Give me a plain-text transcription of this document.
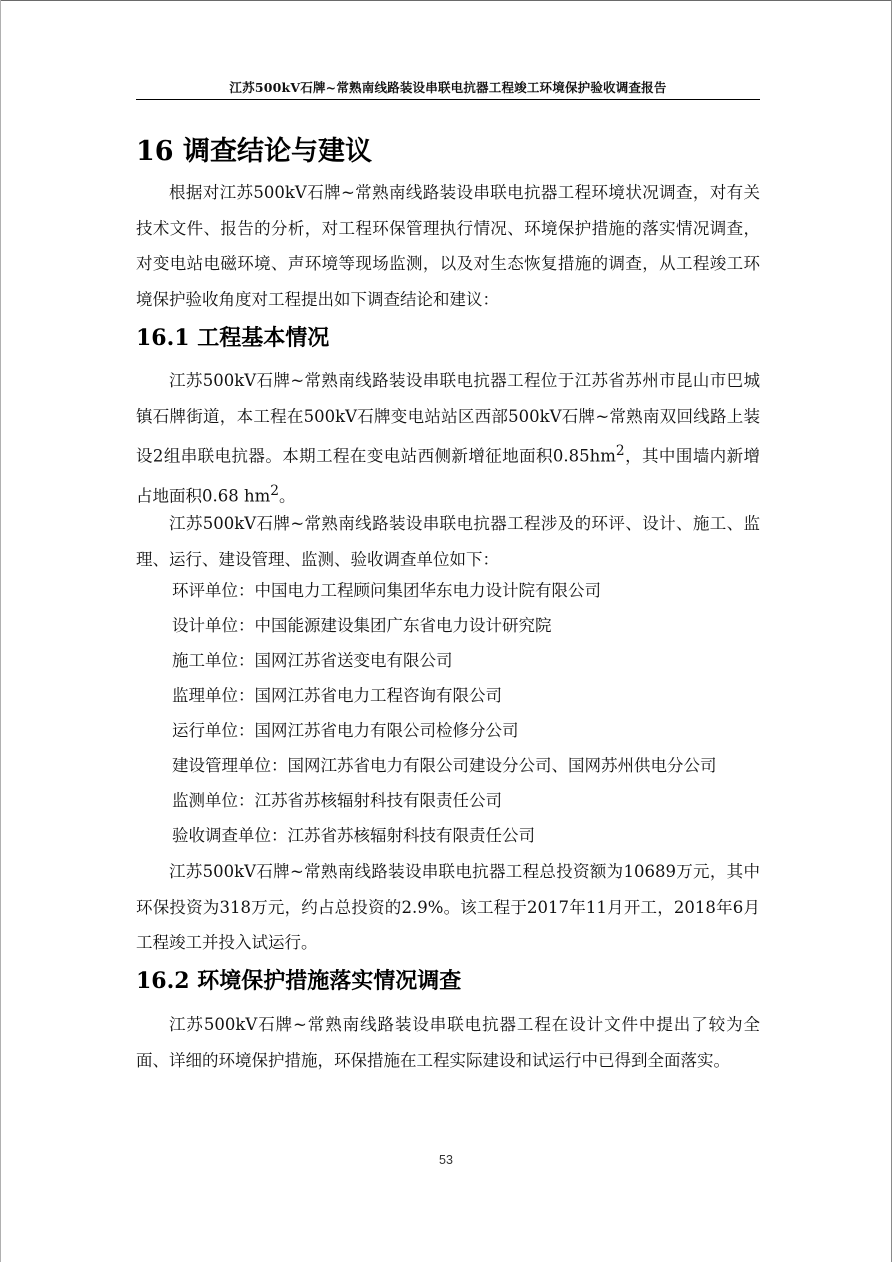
江苏500kV石牌~常熟南线路装设串联电抗器工程竣工环境保护验收调查报告
16 调查结论与建议
根据对江苏500kV石牌~常熟南线路装设串联电抗器工程环境状况调查，对有关技术文件、报告的分析，对工程环保管理执行情况、环境保护措施的落实情况调查，对变电站电磁环境、声环境等现场监测，以及对生态恢复措施的调查，从工程竣工环境保护验收角度对工程提出如下调查结论和建议：
16.1 工程基本情况
江苏500kV石牌~常熟南线路装设串联电抗器工程位于江苏省苏州市昆山市巴城镇石牌街道，本工程在500kV石牌变电站站区西部500kV石牌~常熟南双回线路上装设2组串联电抗器。本期工程在变电站西侧新增征地面积$0.85hm^2$，其中围墙内新增占地面积0.68 $hm^2$。
江苏500kV石牌~常熟南线路装设串联电抗器工程涉及的环评、设计、施工、监理、运行、建设管理、监测、验收调查单位如下：
环评单位：中国电力工程顾问集团华东电力设计院有限公司
设计单位：中国能源建设集团广东省电力设计研究院
施工单位：国网江苏省送变电有限公司
监理单位：国网江苏省电力工程咨询有限公司
运行单位：国网江苏省电力有限公司检修分公司
建设管理单位：国网江苏省电力有限公司建设分公司、国网苏州供电分公司
监测单位：江苏省苏核辐射科技有限责任公司
验收调查单位：江苏省苏核辐射科技有限责任公司
江苏500kV石牌~常熟南线路装设串联电抗器工程总投资额为10689万元，其中环保投资为318万元，约占总投资的2.9%。该工程于2017年11月开工，2018年6月工程竣工并投入试运行。
16.2 环境保护措施落实情况调查
江苏500kV石牌~常熟南线路装设串联电抗器工程在设计文件中提出了较为全面、详细的环境保护措施，环保措施在工程实际建设和试运行中已得到全面落实。
53
